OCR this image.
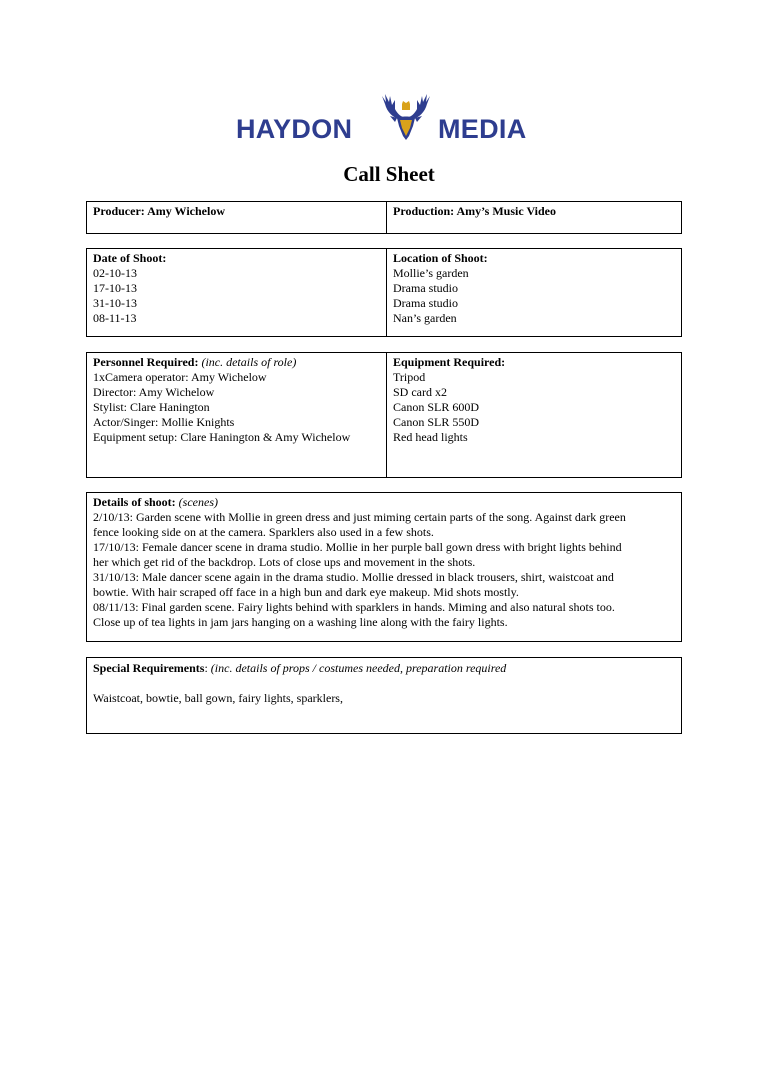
HAYDON	MEDIA
Call Sheet
Producer: Amy Wichelow	Production: Amy’s Music Video
Date of Shoot:
02-10-13
17-10-13
31-10-13
08-11-13
Location of Shoot:
Mollie’s garden
Drama studio
Drama studio
Nan’s garden
Personnel Required: (inc. details of role)
1xCamera operator: Amy Wichelow
Director: Amy Wichelow
Stylist: Clare Hanington
Actor/Singer: Mollie Knights
Equipment setup: Clare Hanington & Amy Wichelow
Equipment Required:
Tripod
SD card x2
Canon SLR 600D
Canon SLR 550D
Red head lights
Details of shoot: (scenes)
2/10/13: Garden scene with Mollie in green dress and just miming certain parts of the song. Against dark green
fence looking side on at the camera. Sparklers also used in a few shots.
17/10/13: Female dancer scene in drama studio. Mollie in her purple ball gown dress with bright lights behind
her which get rid of the backdrop. Lots of close ups and movement in the shots.
31/10/13: Male dancer scene again in the drama studio. Mollie dressed in black trousers, shirt, waistcoat and
bowtie. With hair scraped off face in a high bun and dark eye makeup. Mid shots mostly.
08/11/13: Final garden scene. Fairy lights behind with sparklers in hands. Miming and also natural shots too.
Close up of tea lights in jam jars hanging on a washing line along with the fairy lights.
Special Requirements: (inc. details of props / costumes needed, preparation required
Waistcoat, bowtie, ball gown, fairy lights, sparklers,
